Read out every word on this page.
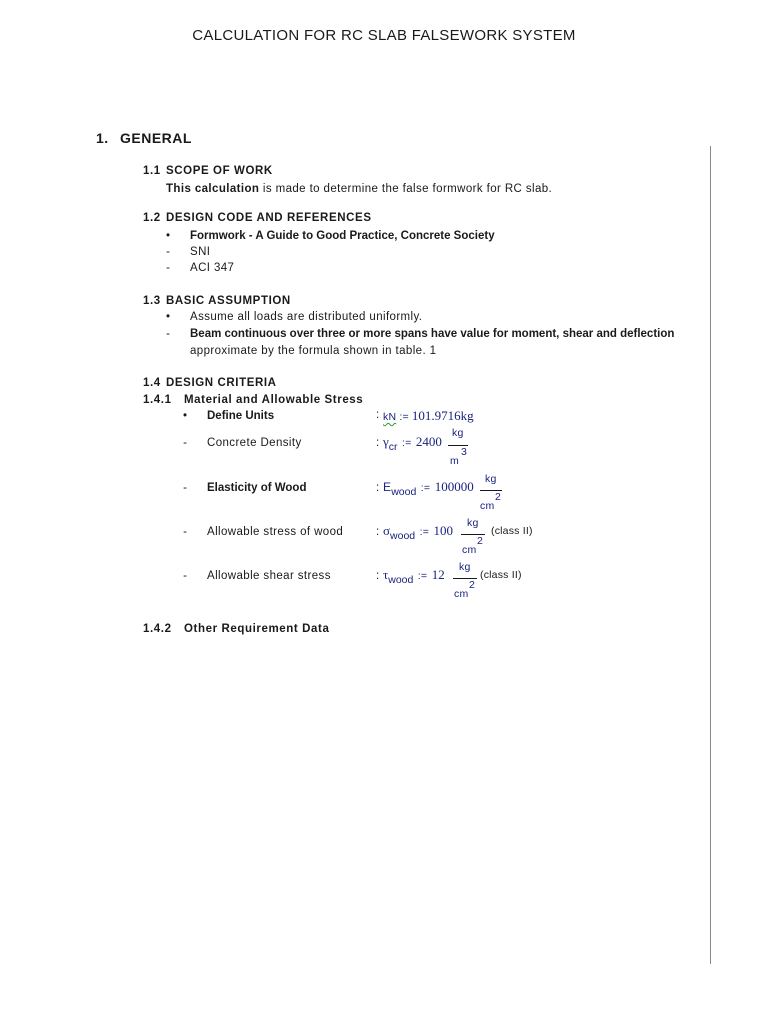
CALCULATION FOR RC SLAB FALSEWORK SYSTEM
1. GENERAL
1.1 SCOPE OF WORK
This calculation is made to determine the false formwork for RC slab.
1.2 DESIGN CODE AND REFERENCES
• Formwork - A Guide to Good Practice, Concrete Society
- SNI
- ACI 347
1.3 BASIC ASSUMPTION
• Assume all loads are distributed uniformly.
- Beam continuous over three or more spans have value for moment, shear and deflection
approximate by the formula shown in table. 1
1.4 DESIGN CRITERIA
1.4.1 Material and Allowable Stress
• Define Units	: kN := 101.9716kg
- Concrete Density	: $\gamma_{cr}$ := 2400
kg
m
3
- Elasticity of Wood	: $E_{wood}$ := 100000 kg
cm
2
- Allowable stress of wood	: $\sigma_{wood}$ := 100 kg
cm
2
(class II)
- Allowable shear stress	: $\tau_{wood}$ := 12 kg
cm
2
(class II)
1.4.2 Other Requirement Data
